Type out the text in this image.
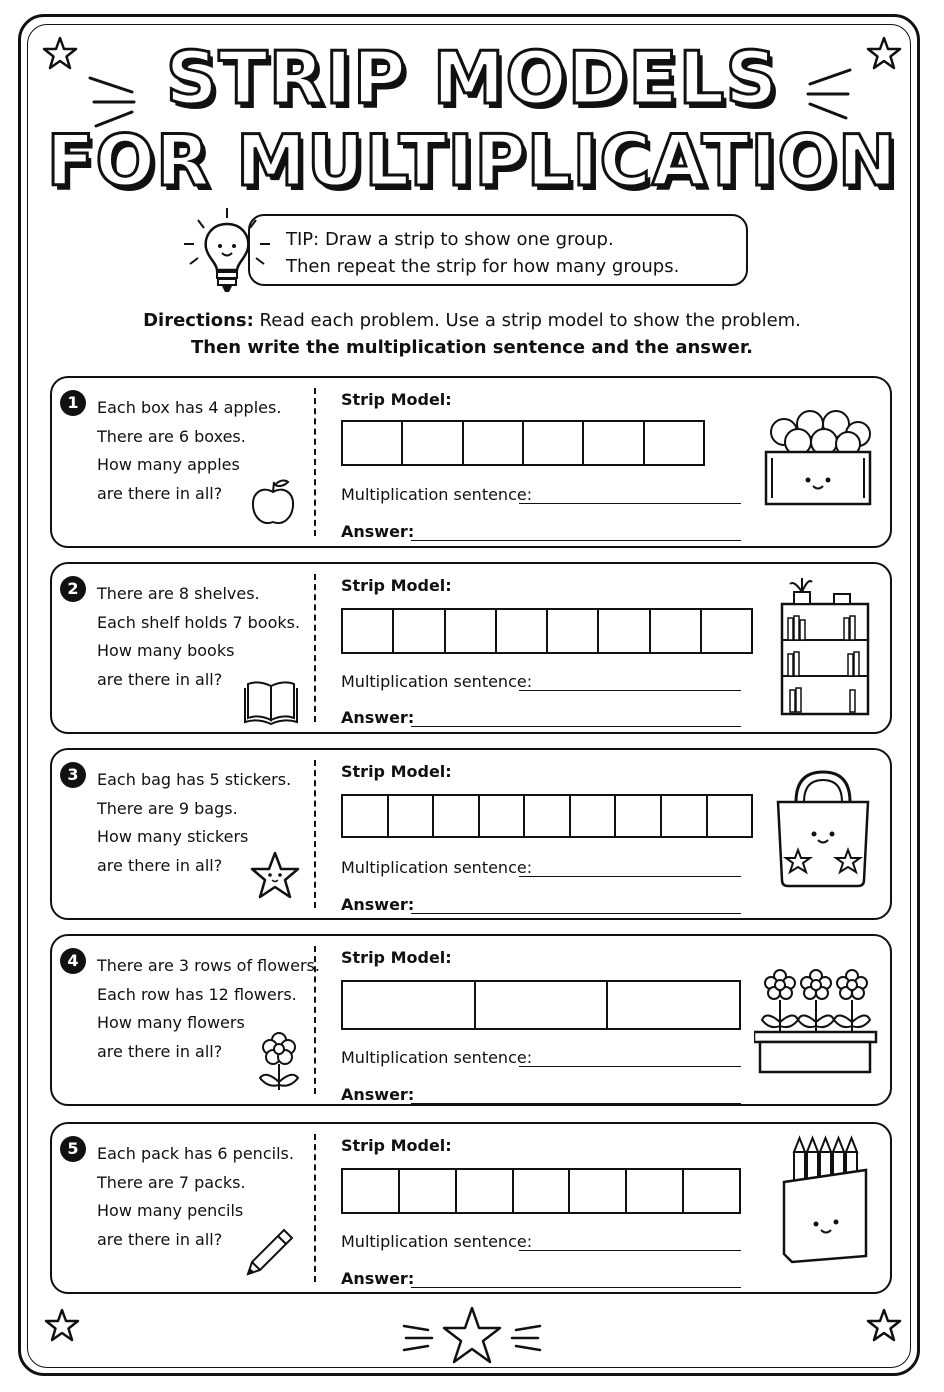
STRIP MODELS
FOR MULTIPLICATION
TIP: Draw a strip to show one group.
Then repeat the strip for how many groups.
Directions: Read each problem. Use a strip model to show the problem.
Then write the multiplication sentence and the answer.
1	Each box has 4 apples.
There are 6 boxes.
How many apples
are there in all?
Strip Model:
Multiplication sentence:
Answer:
2	There are 8 shelves.
Each shelf holds 7 books.
How many books
are there in all?
Strip Model:
Multiplication sentence:
Answer:
3	Each bag has 5 stickers.
There are 9 bags.
How many stickers
are there in all?
Strip Model:
Multiplication sentence:
Answer:
4	There are 3 rows of flowers.
Each row has 12 flowers.
How many flowers
are there in all?
Strip Model:
Multiplication sentence:
Answer:
5	Each pack has 6 pencils.
There are 7 packs.
How many pencils
are there in all?
Strip Model:
Multiplication sentence:
Answer:
